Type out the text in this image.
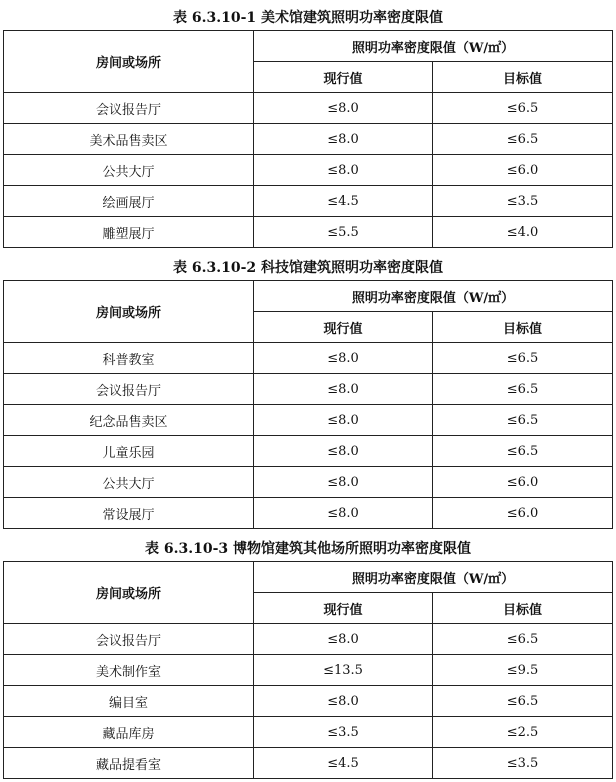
表 6.3.10-1 美术馆建筑照明功率密度限值
房间或场所	照明功率密度限值（W/㎡）	
	现行值	目标值
会议报告厅	≤8.0	≤6.5
美术品售卖区	≤8.0	≤6.5
公共大厅	≤8.0	≤6.0
绘画展厅	≤4.5	≤3.5
雕塑展厅	≤5.5	≤4.0
表 6.3.10-2 科技馆建筑照明功率密度限值
房间或场所	照明功率密度限值（W/㎡）	
	现行值	目标值
科普教室	≤8.0	≤6.5
会议报告厅	≤8.0	≤6.5
纪念品售卖区	≤8.0	≤6.5
儿童乐园	≤8.0	≤6.5
公共大厅	≤8.0	≤6.0
常设展厅	≤8.0	≤6.0
表 6.3.10-3 博物馆建筑其他场所照明功率密度限值
房间或场所	照明功率密度限值（W/㎡）	
	现行值	目标值
会议报告厅	≤8.0	≤6.5
美术制作室	≤13.5	≤9.5
编目室	≤8.0	≤6.5
藏品库房	≤3.5	≤2.5
藏品提看室	≤4.5	≤3.5
